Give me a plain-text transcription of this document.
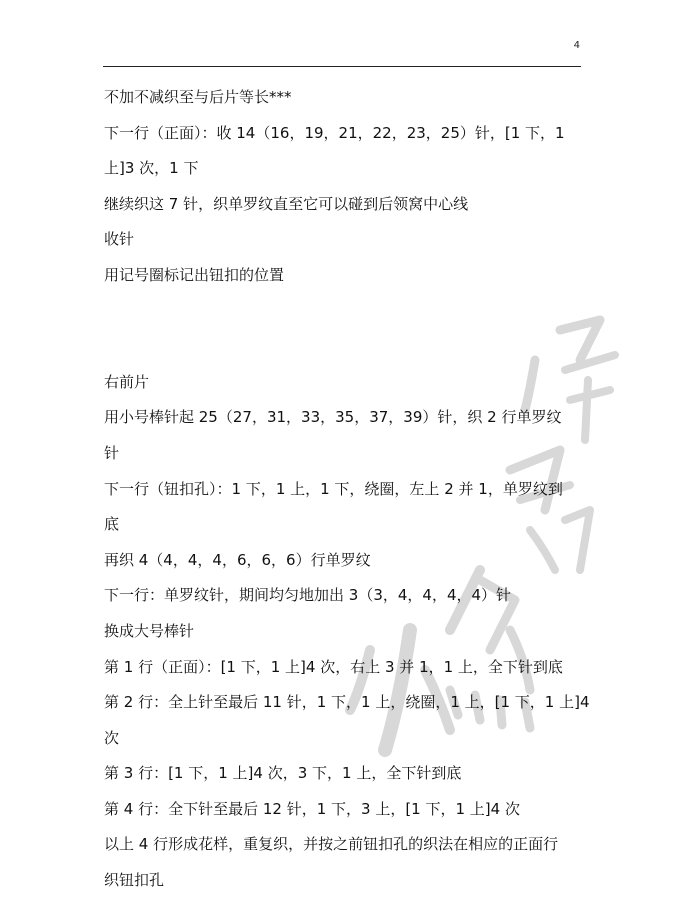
4
不加不减织至与后片等长***
下一行（正面）：收 14（16，19，21，22，23，25）针，[1 下，1
上]3 次，1 下
继续织这 7 针，织单罗纹直至它可以碰到后领窝中心线
收针
用记号圈标记出钮扣的位置
右前片
用小号棒针起 25（27，31，33，35，37，39）针，织 2 行单罗纹
针
下一行（钮扣孔）：1 下，1 上，1 下，绕圈，左上 2 并 1，单罗纹到
底
再织 4（4，4，4，6，6，6）行单罗纹
下一行：单罗纹针，期间均匀地加出 3（3，4，4，4，4）针
换成大号棒针
第 1 行（正面）：[1 下，1 上]4 次，右上 3 并 1，1 上，全下针到底
第 2 行：全上针至最后 11 针，1 下，1 上，绕圈，1 上，[1 下，1 上]4
次
第 3 行：[1 下，1 上]4 次，3 下，1 上，全下针到底
第 4 行：全下针至最后 12 针，1 下，3 上，[1 下，1 上]4 次
以上 4 行形成花样，重复织，并按之前钮扣孔的织法在相应的正面行
织钮扣孔
